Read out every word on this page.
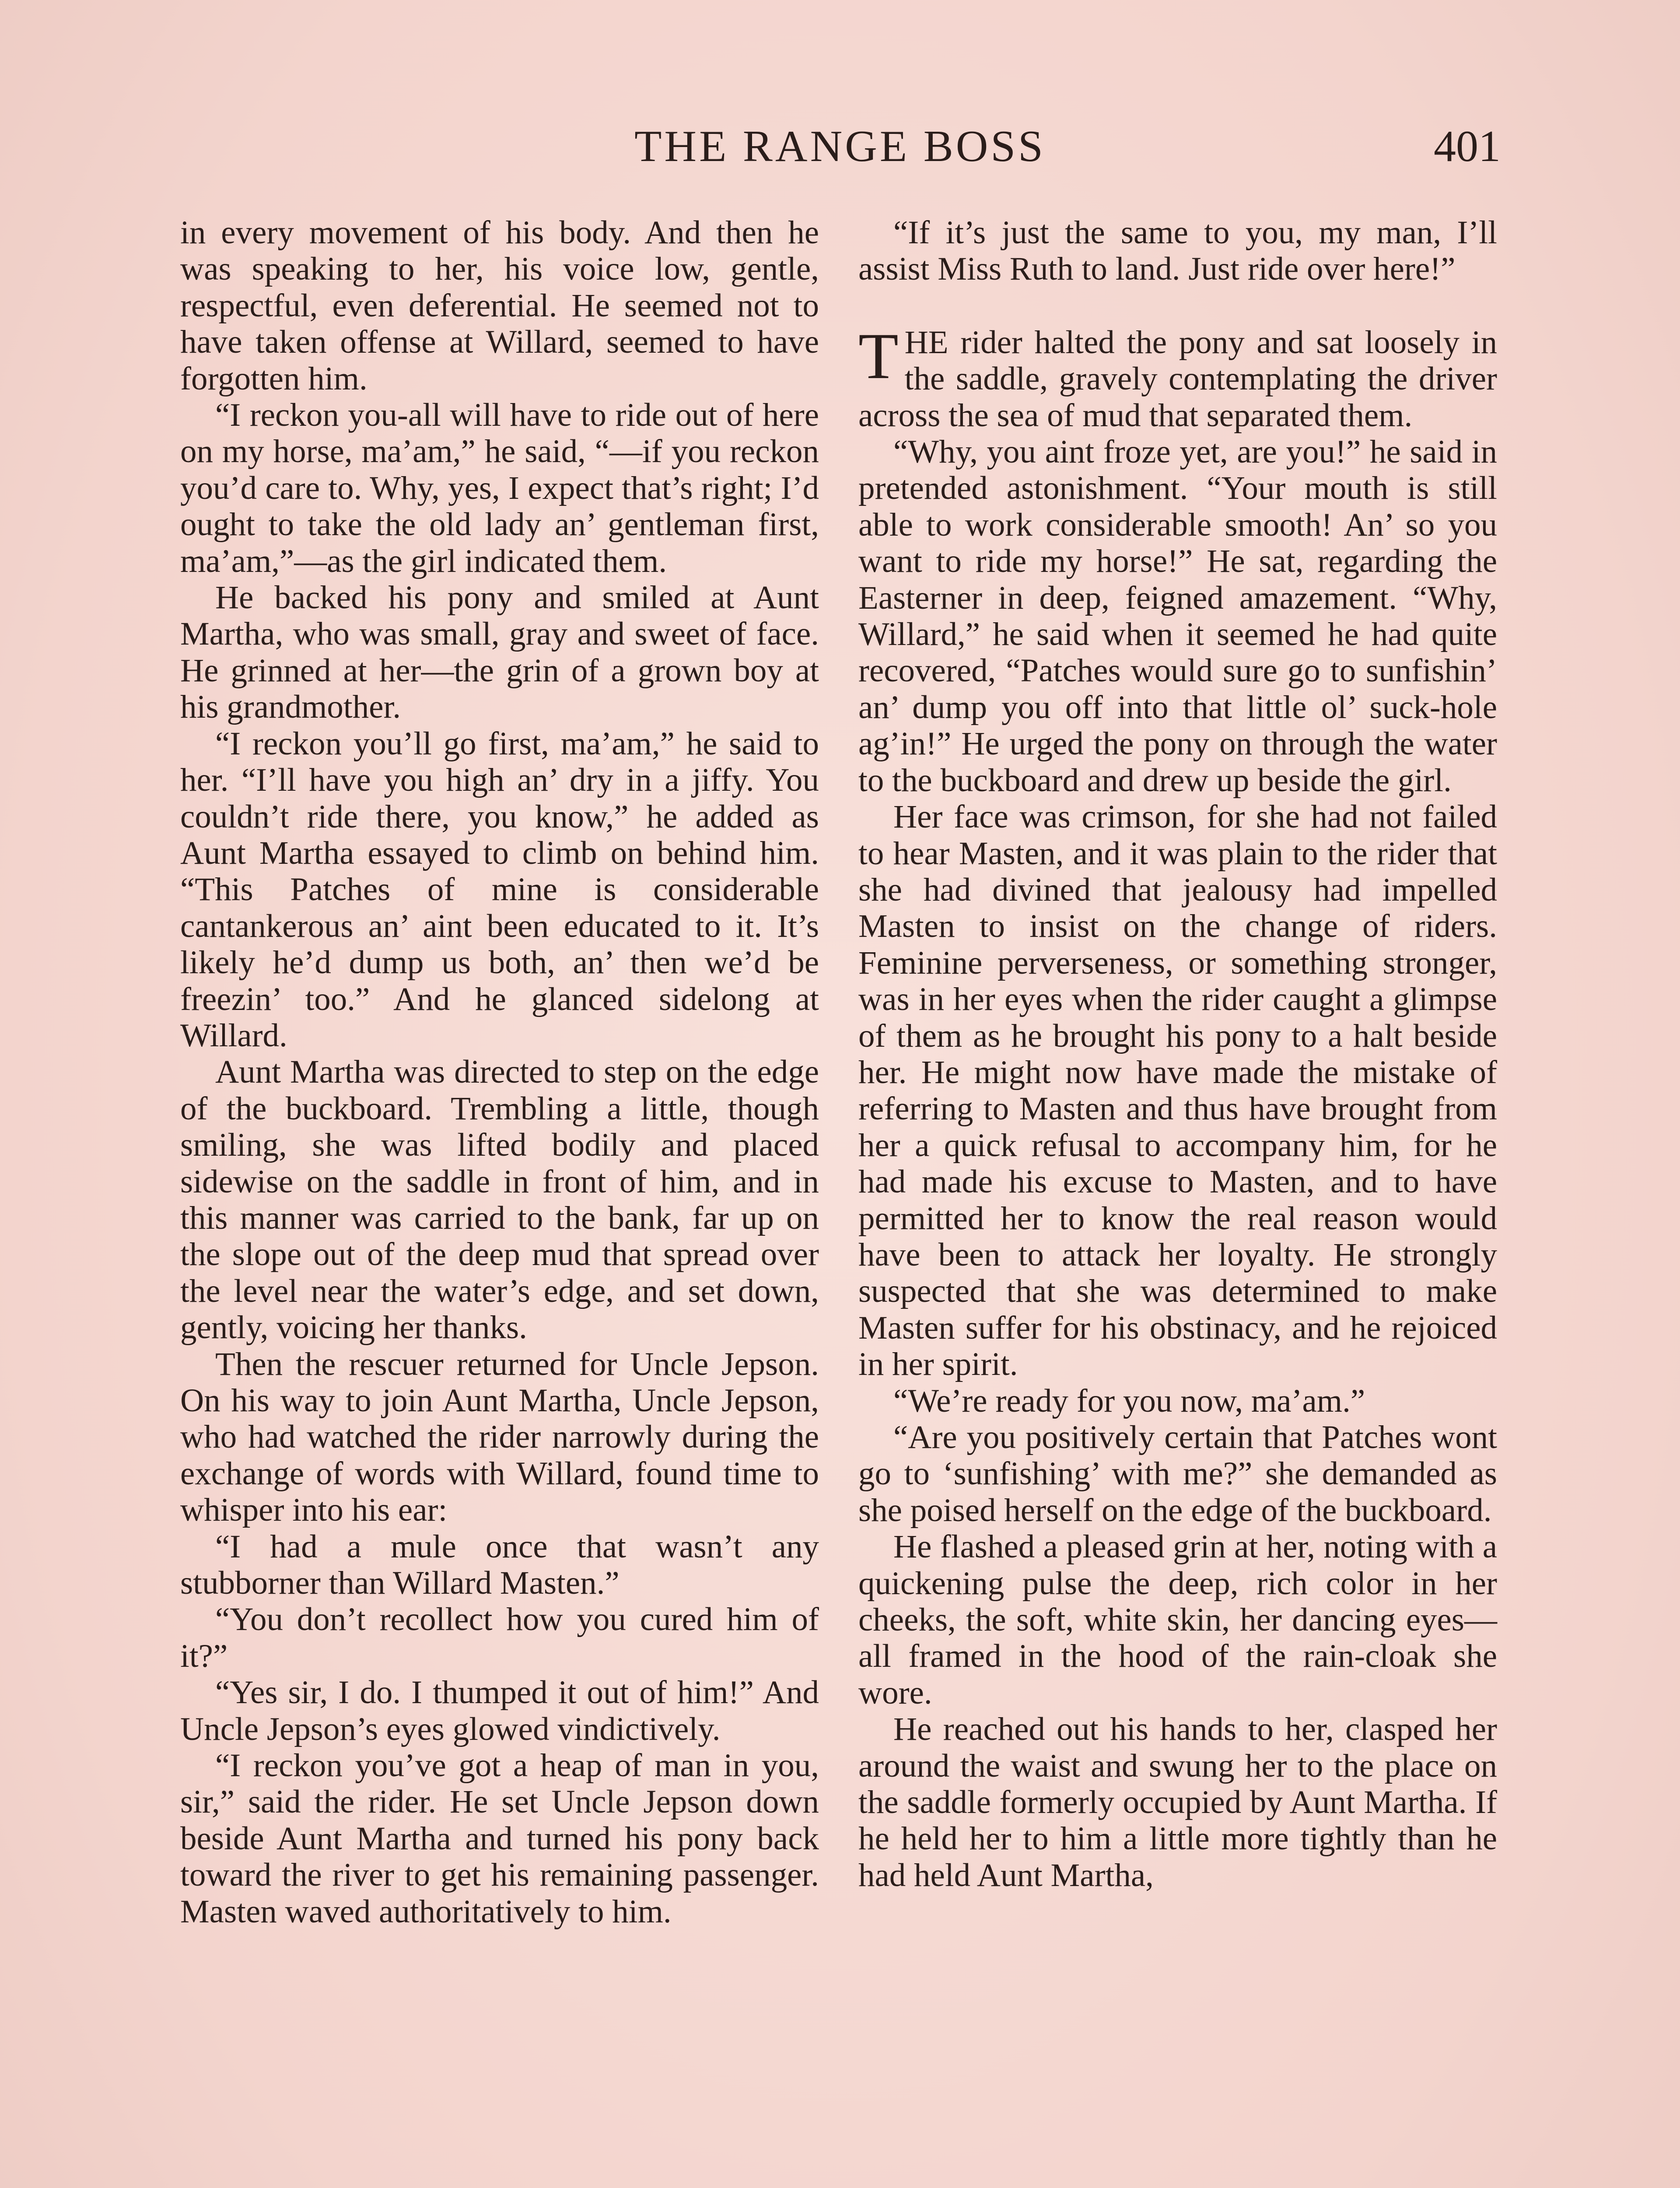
THE RANGE BOSS	401

in every movement of his body. And then he was speaking to her, his voice low, gentle, respectful, even deferential. He seemed not to have taken offense at Willard, seemed to have forgotten him.

“I reckon you-all will have to ride out of here on my horse, ma’am,” he said, “—if you reckon you’d care to. Why, yes, I expect that’s right; I’d ought to take the old lady an’ gentleman first, ma’am,”—as the girl indicated them.

He backed his pony and smiled at Aunt Martha, who was small, gray and sweet of face. He grinned at her—the grin of a grown boy at his grandmother.

“I reckon you’ll go first, ma’am,” he said to her. “I’ll have you high an’ dry in a jiffy. You couldn’t ride there, you know,” he added as Aunt Martha essayed to climb on behind him. “This Patches of mine is considerable cantankerous an’ aint been educated to it. It’s likely he’d dump us both, an’ then we’d be freezin’ too.” And he glanced sidelong at Willard.

Aunt Martha was directed to step on the edge of the buckboard. Trembling a little, though smiling, she was lifted bodily and placed sidewise on the saddle in front of him, and in this manner was carried to the bank, far up on the slope out of the deep mud that spread over the level near the water’s edge, and set down, gently, voicing her thanks.

Then the rescuer returned for Uncle Jepson. On his way to join Aunt Martha, Uncle Jepson, who had watched the rider narrowly during the exchange of words with Willard, found time to whisper into his ear:

“I had a mule once that wasn’t any stubborner than Willard Masten.”

“You don’t recollect how you cured him of it?”

“Yes sir, I do. I thumped it out of him!” And Uncle Jepson’s eyes glowed vindictively.

“I reckon you’ve got a heap of man in you, sir,” said the rider. He set Uncle Jepson down beside Aunt Martha and turned his pony back toward the river to get his remaining passenger. Masten waved authoritatively to him.

“If it’s just the same to you, my man, I’ll assist Miss Ruth to land. Just ride over here!”

THE rider halted the pony and sat loosely in the saddle, gravely contemplating the driver across the sea of mud that separated them.

“Why, you aint froze yet, are you!” he said in pretended astonishment. “Your mouth is still able to work considerable smooth! An’ so you want to ride my horse!” He sat, regarding the Easterner in deep, feigned amazement. “Why, Willard,” he said when it seemed he had quite recovered, “Patches would sure go to sunfishin’ an’ dump you off into that little ol’ suck-hole ag’in!” He urged the pony on through the water to the buckboard and drew up beside the girl.

Her face was crimson, for she had not failed to hear Masten, and it was plain to the rider that she had divined that jealousy had impelled Masten to insist on the change of riders. Feminine perverseness, or something stronger, was in her eyes when the rider caught a glimpse of them as he brought his pony to a halt beside her. He might now have made the mistake of referring to Masten and thus have brought from her a quick refusal to accompany him, for he had made his excuse to Masten, and to have permitted her to know the real reason would have been to attack her loyalty. He strongly suspected that she was determined to make Masten suffer for his obstinacy, and he rejoiced in her spirit.

“We’re ready for you now, ma’am.”

“Are you positively certain that Patches wont go to ‘sunfishing’ with me?” she demanded as she poised herself on the edge of the buckboard.

He flashed a pleased grin at her, noting with a quickening pulse the deep, rich color in her cheeks, the soft, white skin, her dancing eyes—all framed in the hood of the rain-cloak she wore.

He reached out his hands to her, clasped her around the waist and swung her to the place on the saddle formerly occupied by Aunt Martha. If he held her to him a little more tightly than he had held Aunt Martha,
